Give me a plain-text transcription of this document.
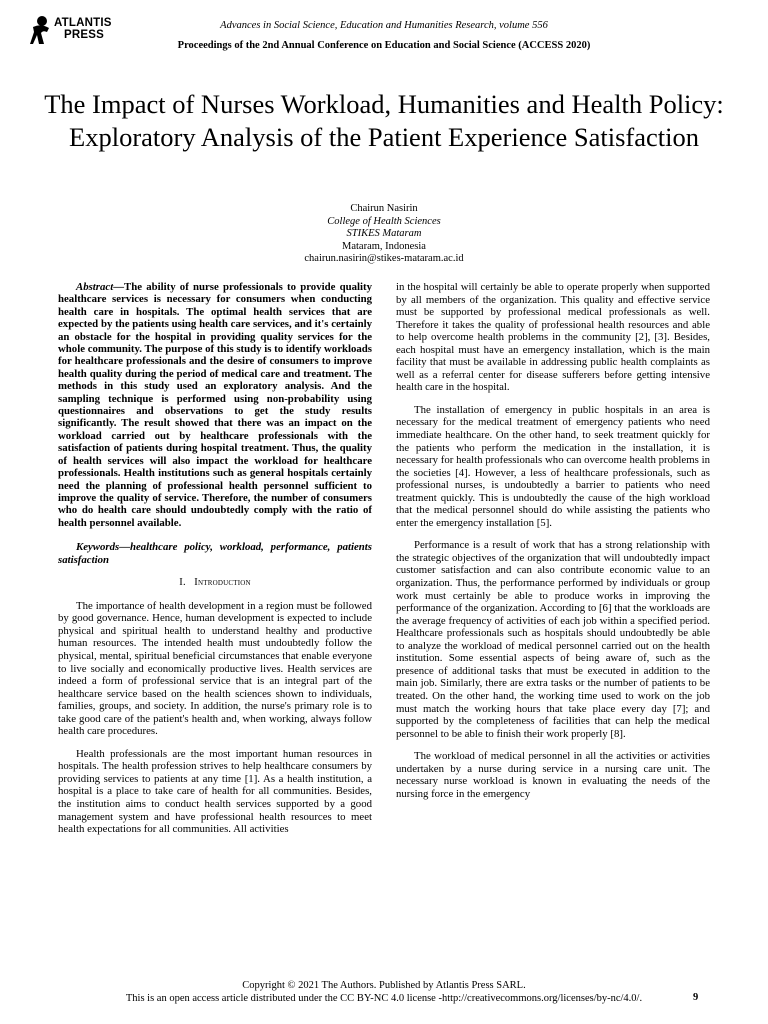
ATLANTIS
PRESS
Advances in Social Science, Education and Humanities Research, volume 556
Proceedings of the 2nd Annual Conference on Education and Social Science (ACCESS 2020)
The Impact of Nurses Workload, Humanities and Health Policy: Exploratory Analysis of the Patient Experience Satisfaction
Chairun Nasirin
College of Health Sciences
STIKES Mataram
Mataram, Indonesia
chairun.nasirin@stikes-mataram.ac.id
Abstract—The ability of nurse professionals to provide quality healthcare services is necessary for consumers when conducting health care in hospitals. The optimal health services that are expected by the patients using health care services, and it's certainly an obstacle for the hospital in providing quality services for the whole community. The purpose of this study is to identify workloads for healthcare professionals and the desire of consumers to improve health quality during the period of medical care and treatment. The methods in this study used an exploratory analysis. And the sampling technique is performed using non-probability using questionnaires and observations to get the study results significantly. The result showed that there was an impact on the workload carried out by healthcare professionals with the satisfaction of patients during hospital treatment. Thus, the quality of health services will also impact the workload for healthcare professionals. Health institutions such as general hospitals certainly need the planning of professional health personnel sufficient to improve the quality of service. Therefore, the number of consumers who do health care should undoubtedly comply with the ratio of health personnel available.
Keywords—healthcare policy, workload, performance, patients satisfaction
I. Introduction

The importance of health development in a region must be followed by good governance. Hence, human development is expected to include physical and spiritual health to understand healthy and productive human resources. The intended health must undoubtedly follow the physical, mental, spiritual beneficial circumstances that enable everyone to live socially and economically productive lives. Health services are indeed a form of professional service that is an integral part of the healthcare service based on the health sciences shown to individuals, families, groups, and society. In addition, the nurse's primary role is to take good care of the patient's health and, when working, always follow health care procedures.

Health professionals are the most important human resources in hospitals. The health profession strives to help healthcare consumers by providing services to patients at any time [1]. As a health institution, a hospital is a place to take care of health for all communities. Besides, the institution aims to conduct health services supported by a good management system and have professional health resources to meet health expectations for all communities. All activities

in the hospital will certainly be able to operate properly when supported by all members of the organization. This quality and effective service must be supported by professional medical professionals as well. Therefore it takes the quality of professional health resources and able to help overcome health problems in the community [2], [3]. Besides, each hospital must have an emergency installation, which is the main facility that must be available in addressing public health complaints as well as a referral center for disease sufferers before getting intensive health care in the hospital.

The installation of emergency in public hospitals in an area is necessary for the medical treatment of emergency patients who need immediate healthcare. On the other hand, to seek treatment quickly for the patients who perform the medication in the installation, it is necessary for health professionals who can overcome health problems in the societies [4]. However, a less of healthcare professionals, such as professional nurses, is undoubtedly a barrier to patients who need treatment quickly. This is undoubtedly the cause of the high workload that the medical personnel should do while assisting the patients who enter the emergency installation [5].

Performance is a result of work that has a strong relationship with the strategic objectives of the organization that will undoubtedly impact customer satisfaction and can also contribute economic value to an organization. Thus, the performance performed by individuals or group work must certainly be able to produce works in improving the performance of the organization. According to [6] that the workloads are the average frequency of activities of each job within a specified period. Healthcare professionals such as hospitals should undoubtedly be able to analyze the workload of medical personnel carried out on the health institution. Some essential aspects of being aware of, such as the presence of additional tasks that must be executed in addition to the main job. Similarly, there are extra tasks or the number of patients to be treated. On the other hand, the working time used to work on the job must match the working hours that take place every day [7]; and supported by the completeness of facilities that can help the medical personnel to be able to finish their work properly [8].

The workload of medical personnel in all the activities or activities undertaken by a nurse during service in a nursing care unit. The necessary nurse workload is known in evaluating the needs of the nursing force in the emergency

Copyright © 2021 The Authors. Published by Atlantis Press SARL.
This is an open access article distributed under the CC BY-NC 4.0 license -http://creativecommons.org/licenses/by-nc/4.0/.	9
